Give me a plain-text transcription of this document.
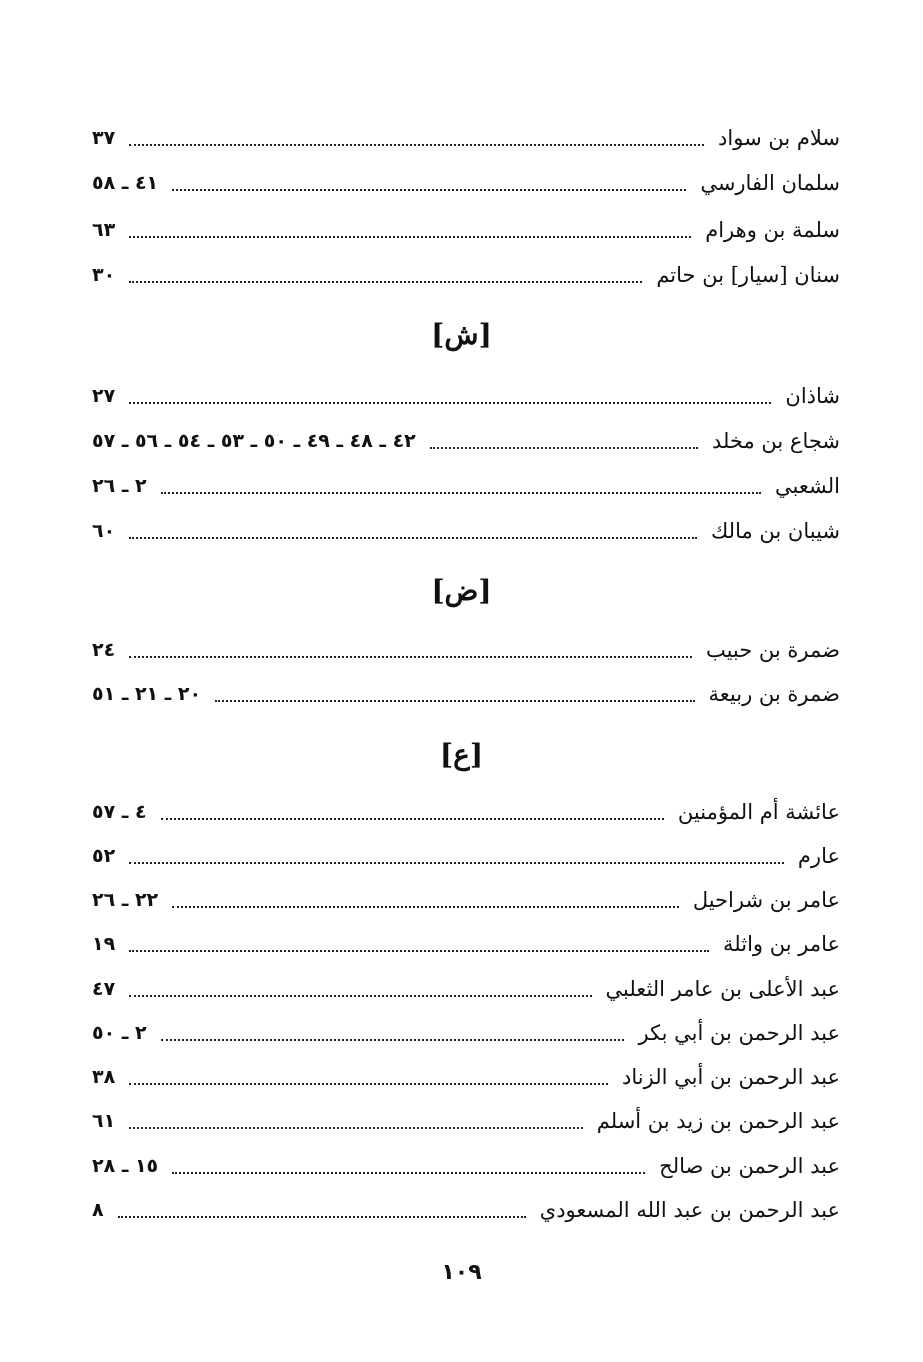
سلام بن سواد
٣٧
سلمان الفارسي
٤١ ـ ٥٨
سلمة بن وهرام
٦٣
سنان [سيار] بن حاتم
٣٠
[ش]
شاذان
٢٧
شجاع بن مخلد
٤٢ ـ ٤٨ ـ ٤٩ ـ ٥٠ ـ ٥٣ ـ ٥٤ ـ ٥٦ ـ ٥٧
الشعبي
٢ ـ ٢٦
شيبان بن مالك
٦٠
[ض]
ضمرة بن حبيب
٢٤
ضمرة بن ربيعة
٢٠ ـ ٢١ ـ ٥١
[ع]
عائشة أم المؤمنين
٤ ـ ٥٧
عارم
٥٢
عامر بن شراحيل
٢٢ ـ ٢٦
عامر بن واثلة
١٩
عبد الأعلى بن عامر الثعلبي
٤٧
عبد الرحمن بن أبي بكر
٢ ـ ٥٠
عبد الرحمن بن أبي الزناد
٣٨
عبد الرحمن بن زيد بن أسلم
٦١
عبد الرحمن بن صالح
١٥ ـ ٢٨
عبد الرحمن بن عبد الله المسعودي
٨
١٠٩
